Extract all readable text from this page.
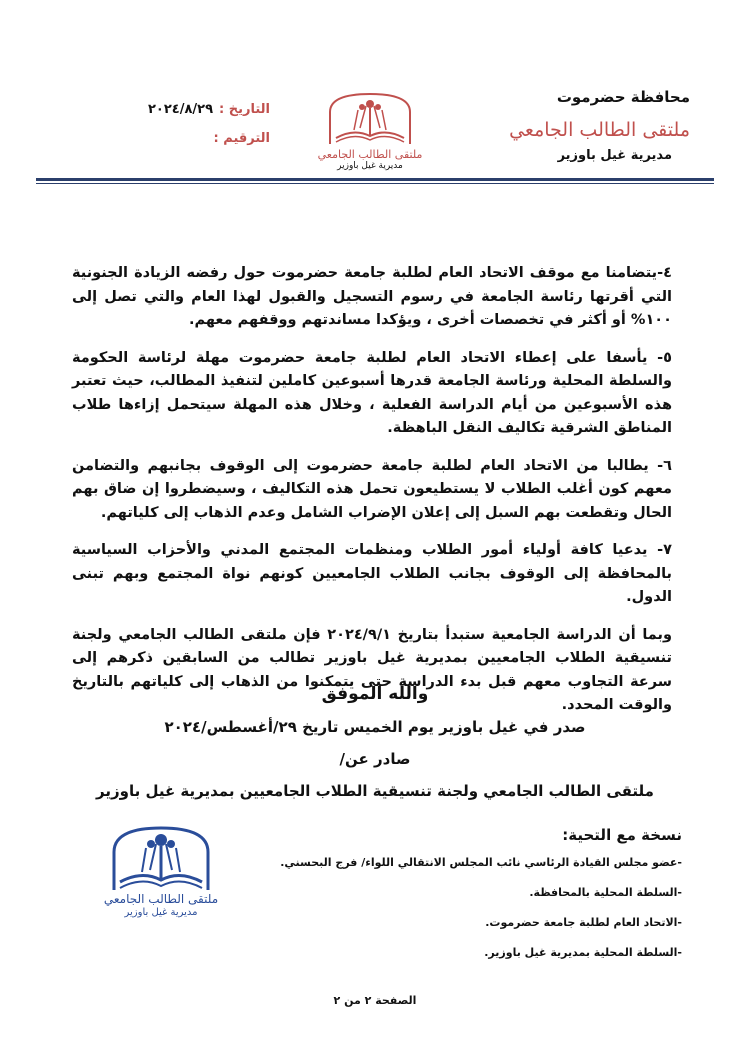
محافظة حضرموت
ملتقى الطالب الجامعي
مديرية غيل باوزير
ملتقى الطالب الجامعي
مديرية غيل باوزير
التاريخ :
٢٠٢٤/٨/٢٩
الترقيم :

٤-يتضامنا مع موقف الاتحاد العام لطلبة جامعة حضرموت حول رفضه الزيادة الجنونية التي أقرتها رئاسة الجامعة في رسوم التسجيل والقبول لهذا العام والتي تصل إلى ١٠٠% أو أكثر في تخصصات أخرى ، ويؤكدا مساندتهم ووقفهم معهم.

٥- يأسفا على إعطاء الاتحاد العام لطلبة جامعة حضرموت مهلة لرئاسة الحكومة والسلطة المحلية ورئاسة الجامعة قدرها أسبوعين كاملين لتنفيذ المطالب، حيث تعتبر هذه الأسبوعين من أيام الدراسة الفعلية ، وخلال هذه المهلة سيتحمل إزاءها طلاب المناطق الشرقية تكاليف النقل الباهظة.

٦- يطالبا من الاتحاد العام لطلبة جامعة حضرموت إلى الوقوف بجانبهم والتضامن معهم كون أغلب الطلاب لا يستطيعون تحمل هذه التكاليف ، وسيضطروا إن ضاق بهم الحال وتقطعت بهم السبل إلى إعلان الإضراب الشامل وعدم الذهاب إلى كلياتهم.

٧- يدعيا كافة أولياء أمور الطلاب ومنظمات المجتمع المدني والأحزاب السياسية بالمحافظة إلى الوقوف بجانب الطلاب الجامعيين كونهم نواة المجتمع وبهم تبنى الدول.

وبما أن الدراسة الجامعية ستبدأ بتاريخ ٢٠٢٤/٩/١ فإن ملتقى الطالب الجامعي ولجنة تنسيقية الطلاب الجامعيين بمديرية غيل باوزير تطالب من السابقين ذكرهم إلى سرعة التجاوب معهم قبل بدء الدراسة حتى يتمكنوا من الذهاب إلى كلياتهم بالتاريخ والوقت المحدد.

والله الموفق
صدر في غيل باوزير يوم الخميس تاريخ ٢٩/أغسطس/٢٠٢٤
صادر عن/
ملتقى الطالب الجامعي ولجنة تنسيقية الطلاب الجامعيين بمديرية غيل باوزير
نسخة مع التحية:
-عضو مجلس القيادة الرئاسي نائب المجلس الانتقالي اللواء/ فرج البحسني.
-السلطة المحلية بالمحافظة.
-الاتحاد العام لطلبة جامعة حضرموت.
-السلطة المحلية بمديرية غيل باوزير.
ملتقى الطالب الجامعي
مديرية غيل باوزير
الصفحة ٢ من ٢
